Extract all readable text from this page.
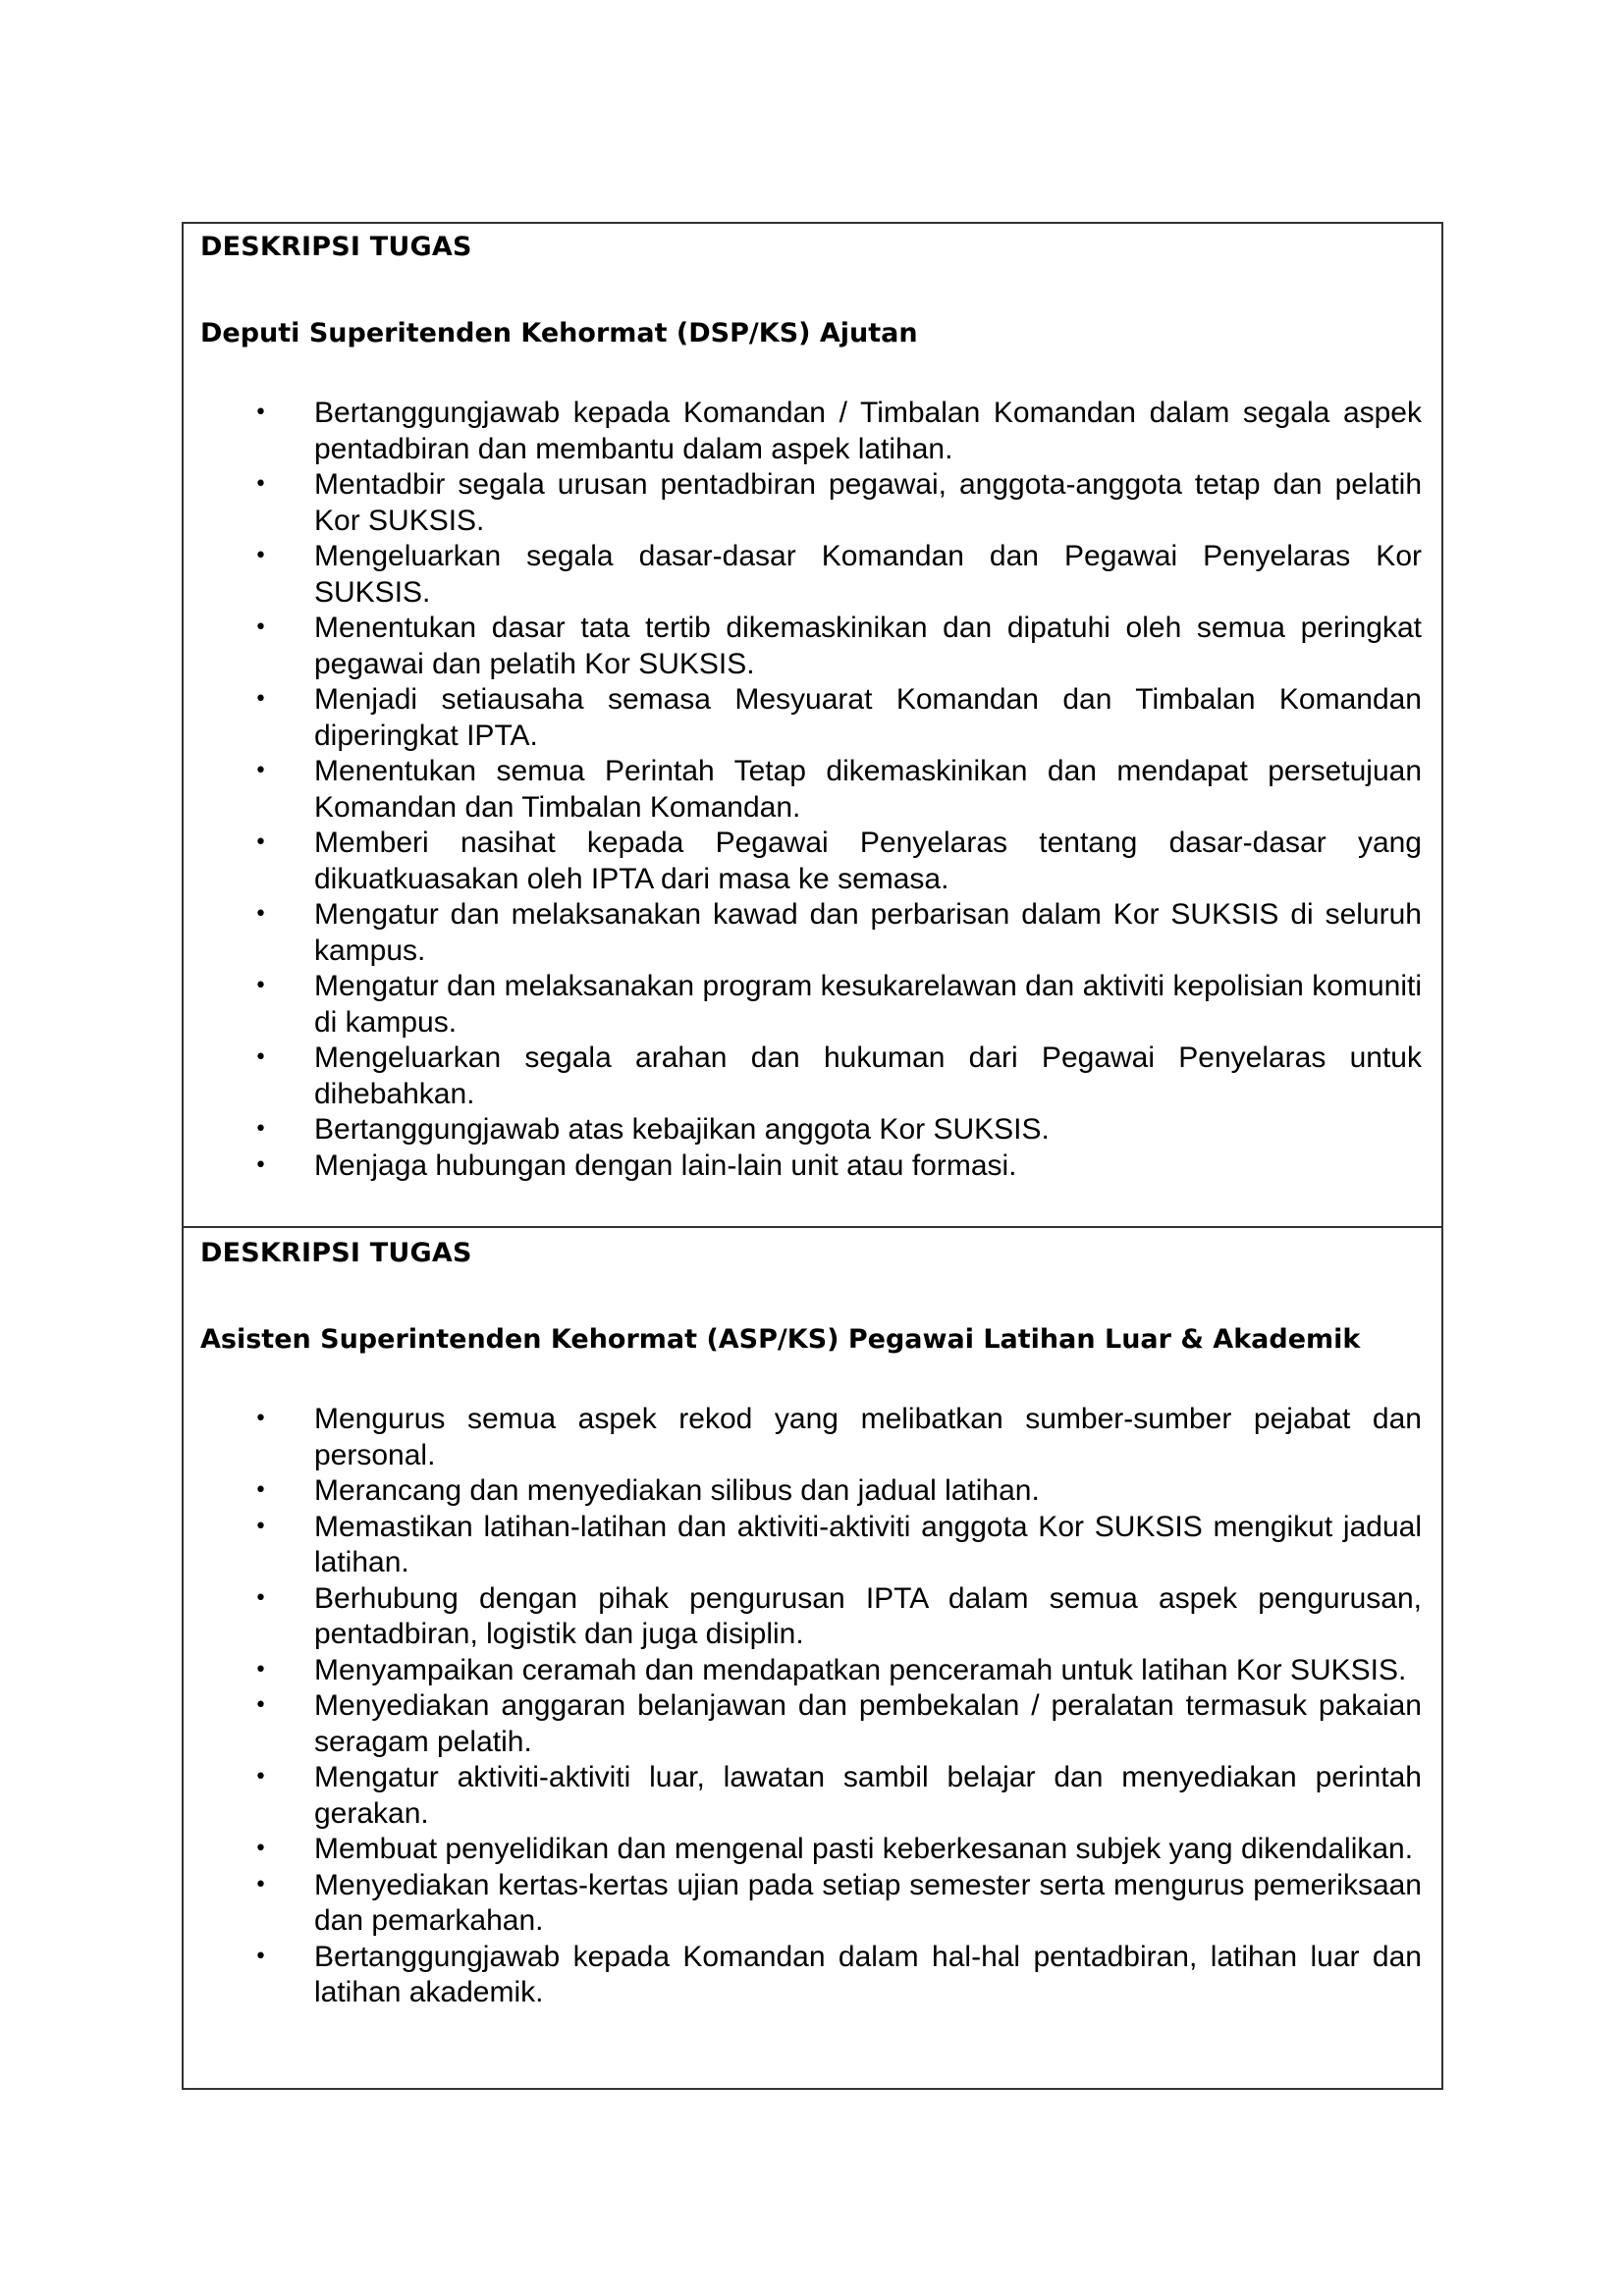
DESKRIPSI TUGAS

Deputi Superitenden Kehormat (DSP/KS) Ajutan

• Bertanggungjawab kepada Komandan / Timbalan Komandan dalam segala aspek pentadbiran dan membantu dalam aspek latihan.
• Mentadbir segala urusan pentadbiran pegawai, anggota-anggota tetap dan pelatih Kor SUKSIS.
• Mengeluarkan segala dasar-dasar Komandan dan Pegawai Penyelaras Kor SUKSIS.
• Menentukan dasar tata tertib dikemaskinikan dan dipatuhi oleh semua peringkat pegawai dan pelatih Kor SUKSIS.
• Menjadi setiausaha semasa Mesyuarat Komandan dan Timbalan Komandan diperingkat IPTA.
• Menentukan semua Perintah Tetap dikemaskinikan dan mendapat persetujuan Komandan dan Timbalan Komandan.
• Memberi nasihat kepada Pegawai Penyelaras tentang dasar-dasar yang dikuatkuasakan oleh IPTA dari masa ke semasa.
• Mengatur dan melaksanakan kawad dan perbarisan dalam Kor SUKSIS di seluruh kampus.
• Mengatur dan melaksanakan program kesukarelawan dan aktiviti kepolisian komuniti di kampus.
• Mengeluarkan segala arahan dan hukuman dari Pegawai Penyelaras untuk dihebahkan.
• Bertanggungjawab atas kebajikan anggota Kor SUKSIS.
• Menjaga hubungan dengan lain-lain unit atau formasi.

DESKRIPSI TUGAS

Asisten Superintenden Kehormat (ASP/KS) Pegawai Latihan Luar & Akademik

• Mengurus semua aspek rekod yang melibatkan sumber-sumber pejabat dan personal.
• Merancang dan menyediakan silibus dan jadual latihan.
• Memastikan latihan-latihan dan aktiviti-aktiviti anggota Kor SUKSIS mengikut jadual latihan.
• Berhubung dengan pihak pengurusan IPTA dalam semua aspek pengurusan, pentadbiran, logistik dan juga disiplin.
• Menyampaikan ceramah dan mendapatkan penceramah untuk latihan Kor SUKSIS.
• Menyediakan anggaran belanjawan dan pembekalan / peralatan termasuk pakaian seragam pelatih.
• Mengatur aktiviti-aktiviti luar, lawatan sambil belajar dan menyediakan perintah gerakan.
• Membuat penyelidikan dan mengenal pasti keberkesanan subjek yang dikendalikan.
• Menyediakan kertas-kertas ujian pada setiap semester serta mengurus pemeriksaan dan pemarkahan.
• Bertanggungjawab kepada Komandan dalam hal-hal pentadbiran, latihan luar dan latihan akademik.
